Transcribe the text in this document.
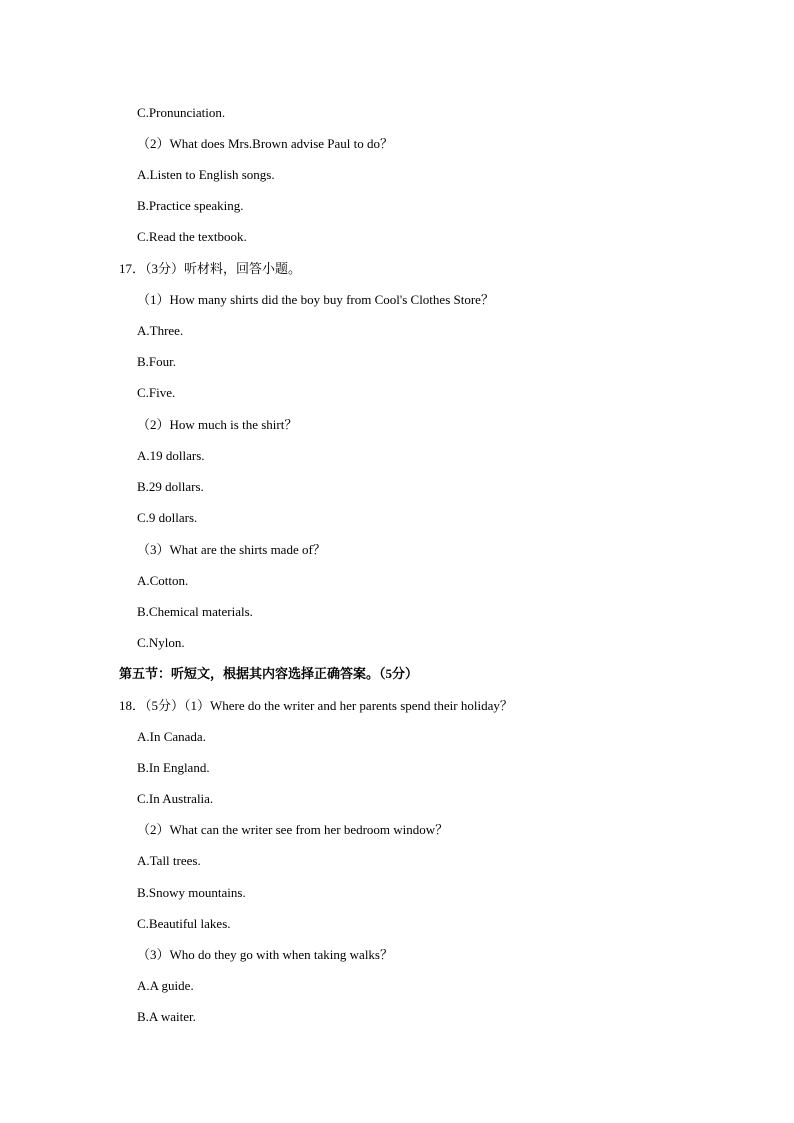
C.Pronunciation.
（2）What does Mrs.Brown advise Paul to do？
A.Listen to English songs.
B.Practice speaking.
C.Read the textbook.
17．（3分）听材料，回答小题。
（1）How many shirts did the boy buy from Cool's Clothes Store？
A.Three.
B.Four.
C.Five.
（2）How much is the shirt？
A.19 dollars.
B.29 dollars.
C.9 dollars.
（3）What are the shirts made of？
A.Cotton.
B.Chemical materials.
C.Nylon.
第五节：听短文，根据其内容选择正确答案。（5分）
18．（5分）（1）Where do the writer and her parents spend their holiday？
A.In Canada.
B.In England.
C.In Australia.
（2）What can the writer see from her bedroom window？
A.Tall trees.
B.Snowy mountains.
C.Beautiful lakes.
（3）Who do they go with when taking walks？
A.A guide.
B.A waiter.
